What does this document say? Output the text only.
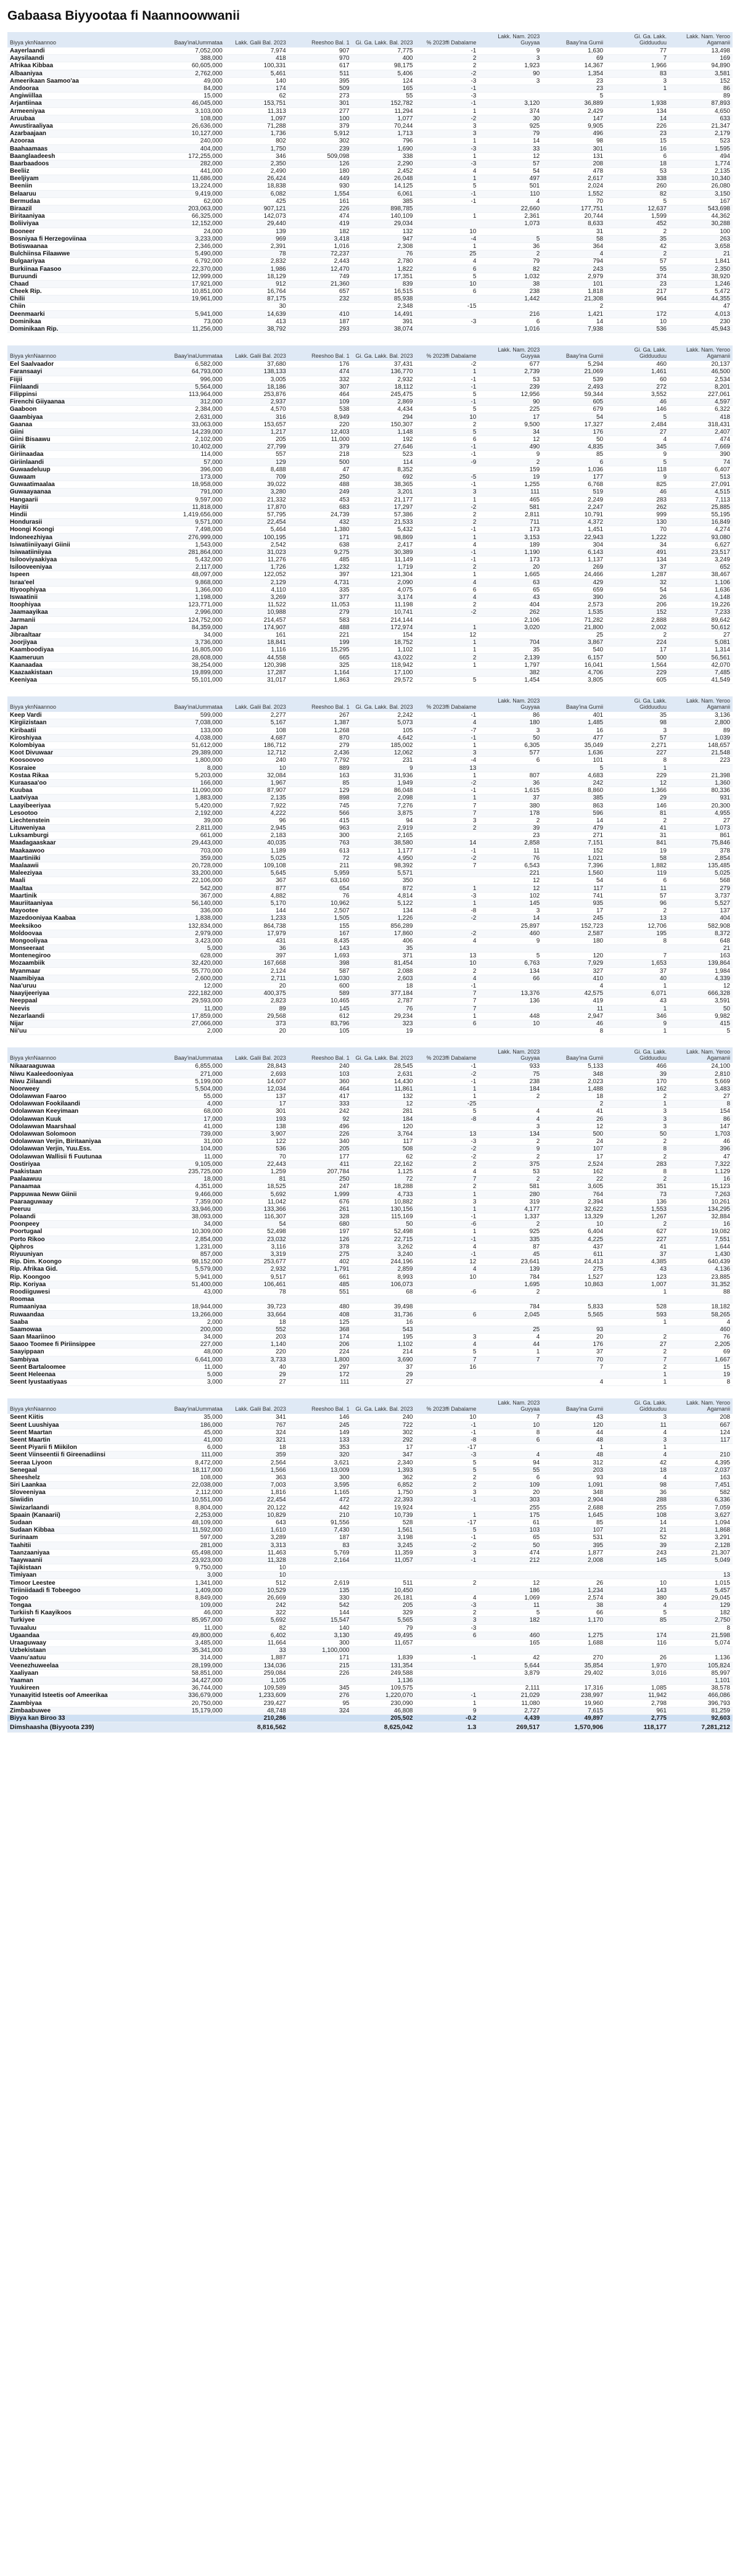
Gabaasa Biyyootaa fi Naannoowwanii
Biyya yknNaannoo	Baay'inaUummataa	Lakk. Galii Bal. 2023	Reeshoo Bal. 1	Gi. Ga. Lakk. Bal. 2023	% 2023ffi Dabalame	Lakk. Nam. 2023 Guyyaa	Baay'ina Gumii	Gi. Ga. Lakk. Gidduuduu	Lakk. Nam. Yeroo Agamanii
Aayerlaandi	7,052,000	7,974	907	7,775	-1	9	1,630	77	13,498
Aaysilaandi	388,000	418	970	400	2	3	69	7	169
Afrikaa Kibbaa	60,605,000	100,331	617	98,175	2	1,923	14,367	1,966	94,890
Albaaniyaa	2,762,000	5,461	511	5,406	-2	90	1,354	83	3,581
Ameerikaan Saamoo'aa	49,000	140	395	124	-3	3	23	3	152
Andooraa	84,000	174	509	165	-1		23	1	86
Angiwiillaa	15,000	62	273	55	-3		5		89
Arjantiinaa	46,045,000	153,751	301	152,782	-1	3,120	36,889	1,938	87,893
Armeeniyaa	3,103,000	11,313	277	11,294	1	374	2,429	134	4,650
Aruubaa	108,000	1,097	100	1,077	-2	30	147	14	633
Awustiraaliyaa	26,636,000	71,288	379	70,244	3	925	9,905	226	21,347
Azarbaajaan	10,127,000	1,736	5,912	1,713	3	79	496	23	2,179
Azooraa	240,000	802	302	796	1	14	98	15	523
Baahaamaas	404,000	1,750	239	1,690	-3	33	301	16	1,595
Baanglaadeesh	172,255,000	346	509,098	338	1	12	131	6	494
Baarbaadoos	282,000	2,350	126	2,290	-3	57	208	18	1,774
Beeliiz	441,000	2,490	180	2,452	4	54	478	53	2,135
Beeljiyam	11,686,000	26,424	449	26,048	1	497	2,617	338	10,340
Beeniin	13,224,000	18,838	930	14,125	5	501	2,024	260	26,080
Belaaruu	9,419,000	6,082	1,554	6,061	-1	110	1,552	82	3,150
Bermudaa	62,000	425	161	385	-1	4	70	5	167
Biraazil	203,063,000	907,121	226	898,785		22,660	177,751	12,637	543,698
Biritaaniyaa	66,325,000	142,073	474	140,109	1	2,361	20,744	1,599	44,362
Boliiviyaa	12,152,000	29,440	419	29,034		1,073	8,633	452	30,288
Booneer	24,000	139	182	132	10		31	2	100
Bosniyaa fi Herzegoviinaa	3,233,000	969	3,418	947	-4	5	58	35	263
Botiswaanaa	2,346,000	2,391	1,016	2,308	1	36	364	42	3,658
Bulchiinsa Filaawwe	5,490,000	78	72,237	76	25	2	4	2	21
Bulgaariyaa	6,792,000	2,832	2,443	2,780	4	79	794	57	1,841
Burkiinaa Faasoo	22,370,000	1,986	12,470	1,822	6	82	243	55	2,350
Buruundi	12,999,000	18,129	749	17,351	5	1,032	2,979	374	38,920
Chaad	17,921,000	912	21,360	839	10	38	101	23	1,246
Cheek Rip.	10,851,000	16,764	657	16,515	6	238	1,818	217	5,472
Chilii	19,961,000	87,175	232	85,938		1,442	21,308	964	44,355
Chiin		30		2,348	-15		2		47
Deenmaarki	5,941,000	14,639	410	14,491		216	1,421	172	4,013
Dominikaa	73,000	413	187	391	-3	6	14	10	230
Dominikaan Rip.	11,256,000	38,792	293	38,074		1,016	7,938	536	45,943
Biyya yknNaannoo	Baay'inaUummataa	Lakk. Galii Bal. 2023	Reeshoo Bal. 1	Gi. Ga. Lakk. Bal. 2023	% 2023ffi Dabalame	Lakk. Nam. 2023 Guyyaa	Baay'ina Gumii	Gi. Ga. Lakk. Gidduuduu	Lakk. Nam. Yeroo Agamanii
Eel Saalvaador	6,582,000	37,680	176	37,431	-2	677	5,294	460	20,137
Faransaayi	64,793,000	138,133	474	136,770	1	2,739	21,069	1,461	46,500
Fiijii	996,000	3,005	332	2,932	-1	53	539	60	2,534
Fiinlaandi	5,564,000	18,186	307	18,112	-1	239	2,493	272	8,201
Filippinsi	113,964,000	253,876	464	245,475	5	12,956	59,344	3,552	227,061
Firenchi Giiyaanaa	312,000	2,937	109	2,869	-1	90	605	46	4,597
Gaaboon	2,384,000	4,570	538	4,434	5	225	679	146	6,322
Gaambiyaa	2,631,000	316	8,949	294	10	17	54	5	418
Gaanaa	33,063,000	153,657	220	150,307	2	9,500	17,327	2,484	318,431
Giini	14,239,000	1,217	12,403	1,148	5	34	176	27	2,407
Giini Bisaawu	2,102,000	205	11,000	192	6	12	50	4	474
Giriik	10,402,000	27,799	379	27,646	-1	490	4,835	345	7,669
Giriinaadaa	114,000	557	218	523	-1	9	85	9	390
Giriinlaandi	57,000	129	500	114	-9	2	6	5	74
Guwaadeluup	396,000	8,488	47	8,352		159	1,036	118	6,407
Guwaam	173,000	709	250	692	-5	19	177	9	513
Guwaatimaalaa	18,958,000	39,022	488	38,365	-1	1,255	6,768	825	27,091
Guwaayaanaa	791,000	3,280	249	3,201	3	111	519	46	4,515
Hangaarii	9,597,000	21,332	453	21,177	1	465	2,249	283	7,113
Hayitii	11,818,000	17,870	683	17,297	-2	581	2,247	262	25,885
Hindii	1,419,656,000	57,795	24,739	57,386	2	2,811	10,791	999	55,195
Hondurasii	9,571,000	22,454	432	21,533	2	711	4,372	130	16,849
Hoongi Koongi	7,498,000	5,464	1,380	5,432	-1	173	1,451	70	4,274
Indoneezhiyaa	276,999,000	100,195	171	98,869	1	3,153	22,943	1,222	93,080
Isiwatiiniiyaayi Giinii	1,543,000	2,542	638	2,417	4	189	304	34	6,627
Isiwaatiiniiyaa	281,864,000	31,023	9,275	30,389	-1	1,190	6,143	491	23,517
Isilooviyaakiyaa	5,432,000	11,276	485	11,149	-1	173	1,137	134	3,249
Isilooveeniyaa	2,117,000	1,726	1,232	1,719	2	20	269	37	652
Ispeen	48,097,000	122,052	397	121,304	1	1,665	24,466	1,287	38,467
Israa'eel	9,868,000	2,129	4,731	2,090	4	63	429	32	1,106
Itiyoophiyaa	1,366,000	4,110	335	4,075	6	65	659	54	1,636
Iswaatinii	1,198,000	3,269	377	3,174	4	43	390	26	4,148
Itoophiyaa	123,771,000	11,522	11,053	11,198	2	404	2,573	206	19,226
Jaamaayikaa	2,996,000	10,988	279	10,741	-2	262	1,535	152	7,233
Jarmanii	124,752,000	214,457	583	214,144		2,106	71,282	2,888	89,642
Japan	84,359,000	174,907	488	172,974	1	3,020	21,800	2,002	50,612
Jibraaltaar	34,000	161	221	154	12		25	2	27
Joorjiyaa	3,736,000	18,841	199	18,752	1	704	3,867	224	5,081
Kaamboodiyaa	16,805,000	1,116	15,295	1,102	1	35	540	17	1,314
Kaameruun	28,608,000	44,558	665	43,022	2	2,139	6,157	500	56,561
Kaanaadaa	38,254,000	120,398	325	118,942	1	1,797	16,041	1,564	42,070
Kaazaakistaan	19,899,000	17,287	1,164	17,100		382	4,706	229	7,485
Keeniyaa	55,101,000	31,017	1,863	29,572	5	1,454	3,805	605	41,549
Biyya yknNaannoo	Baay'inaUummataa	Lakk. Galii Bal. 2023	Reeshoo Bal. 1	Gi. Ga. Lakk. Bal. 2023	% 2023ffi Dabalame	Lakk. Nam. 2023 Guyyaa	Baay'ina Gumii	Gi. Ga. Lakk. Gidduuduu	Lakk. Nam. Yeroo Agamanii
Keep Vardi	599,000	2,277	267	2,242	-1	86	401	35	3,136
Kirgiizistaan	7,038,000	5,167	1,387	5,073	4	180	1,485	98	2,800
Kiribaatii	133,000	108	1,268	105	-7	3	16	3	89
Kiroshiyaa	4,038,000	4,687	870	4,642	-1	50	477	57	1,039
Kolombiyaa	51,612,000	186,712	279	185,002	1	6,305	35,049	2,271	148,657
Koot Divuwaar	29,389,000	12,712	2,436	12,062	3	577	1,636	227	21,548
Koosoovoo	1,800,000	240	7,792	231	-4	6	101	8	223
Kosraiee	8,000	10	889	9	13		5	1	
Kostaa Rikaa	5,203,000	32,084	163	31,936	1	807	4,683	229	21,398
Kuraasaa'oo	166,000	1,967	85	1,949	-2	36	242	12	1,360
Kuubaa	11,090,000	87,907	129	86,048	-1	1,615	8,860	1,366	80,336
Laatviyaa	1,883,000	2,135	898	2,098	1	37	385	29	931
Laayibeeriyaa	5,420,000	7,922	745	7,276	7	380	863	146	20,300
Lesootoo	2,192,000	4,222	566	3,875	7	178	596	81	4,955
Liechtenstein	39,000	96	415	94	3	2	14	2	27
Lituweniyaa	2,811,000	2,945	963	2,919	2	39	479	41	1,073
Luksamburgi	661,000	2,183	300	2,165		23	271	31	861
Maadagaaskaar	29,443,000	40,035	763	38,580	14	2,858	7,151	841	75,846
Maakaawoo	703,000	1,189	613	1,177	-1	11	152	19	378
Maartiniiki	359,000	5,025	72	4,950	-2	76	1,021	58	2,854
Maalaawii	20,728,000	109,108	211	98,392	7	6,543	7,396	1,882	135,485
Maleeziyaa	33,200,000	5,645	5,959	5,571		221	1,560	119	5,025
Maali	22,106,000	367	63,160	350		12	54	6	568
Maaltaa	542,000	877	654	872	1	12	117	11	279
Maartinik	367,000	4,882	76	4,814	-3	102	741	57	3,737
Mauriitaaniyaa	56,140,000	5,170	10,962	5,122	1	145	935	96	5,527
Mayootee	336,000	144	2,507	134	-8	3	17	2	137
Mazedooniyaa Kaabaa	1,838,000	1,233	1,505	1,226	-2	14	245	13	404
Meeksikoo	132,834,000	864,738	155	856,289		25,897	152,723	12,706	582,908
Moldoovaa	2,979,000	17,979	167	17,860	-2	460	2,587	195	8,372
Mongooliyaa	3,423,000	431	8,435	406	4	9	180	8	648
Monseeraat	5,000	36	143	35					21
Montenegiroo	628,000	397	1,693	371	13	5	120	7	163
Mozaambiik	32,420,000	167,668	398	81,454	10	6,763	7,929	1,653	139,864
Myanmaar	55,770,000	2,124	587	2,088	2	134	327	37	1,984
Naamibiyaa	2,600,000	2,711	1,030	2,603	4	66	410	40	4,339
Naa'uruu	12,000	20	600	18	-1		4	1	12
Naayijeeriyaa	222,182,000	400,375	589	377,184	7	13,376	42,575	6,071	666,328
Neeppaal	29,593,000	2,823	10,465	2,787	7	136	419	43	3,591
Neevis	11,000	89	145	76	7		11	1	50
Nezarlaandi	17,859,000	29,568	612	29,234	1	448	2,947	346	9,982
Nijar	27,066,000	373	83,796	323	6	10	46	9	415
Nii'uu	2,000	20	105	19			8	1	5
Biyya yknNaannoo	Baay'inaUummataa	Lakk. Galii Bal. 2023	Reeshoo Bal. 1	Gi. Ga. Lakk. Bal. 2023	% 2023ffi Dabalame	Lakk. Nam. 2023 Guyyaa	Baay'ina Gumii	Gi. Ga. Lakk. Gidduuduu	Lakk. Nam. Yeroo Agamanii
Nikaaraaguwaa	6,855,000	28,843	240	28,545	-1	933	5,133	466	24,100
Niwu Kaaleedooniyaa	271,000	2,693	103	2,631	-2	75	348	39	2,810
Niwu Ziilaandi	5,199,000	14,607	360	14,430	-1	238	2,023	170	5,669
Noorweey	5,504,000	12,034	464	11,861	1	184	1,488	162	3,483
Odolawwan Faaroo	55,000	137	417	132	1	2	18	2	27
Odolawwan Fookilaandi	4,000	17	333	12	-25		2	1	8
Odolawwan Keeyimaan	68,000	301	242	281	5	4	41	3	154
Odolawwan Kuuk	17,000	193	92	184	-8	4	26	3	86
Odolawwan Maarshaal	41,000	138	496	120		3	12	3	147
Odolawwan Solomoon	739,000	3,907	226	3,764	13	134	500	50	1,703
Odolawwan Verjin, Biritaaniyaa	31,000	122	340	117	-3	2	24	2	46
Odolawwan Verjin, Yuu.Ess.	104,000	536	205	508	-2	9	107	8	396
Odolawwan Wallisii fi Fuutunaa	11,000	70	177	62	-2	2	17	2	47
Oostiriyaa	9,105,000	22,443	411	22,162	2	375	2,524	283	7,322
Paakistaan	235,725,000	1,259	207,784	1,125	4	53	162	8	1,129
Paalaawuu	18,000	81	250	72	7	2	22	2	16
Panaamaa	4,351,000	18,525	247	18,288	2	581	3,605	351	15,123
Pappuwaa Neww Giinii	9,466,000	5,692	1,999	4,733	1	280	764	73	7,263
Paaraaguwaay	7,359,000	11,042	676	10,882	3	319	2,394	136	10,261
Peeruu	33,946,000	133,366	261	130,156	1	4,177	32,622	1,553	134,295
Polaandi	38,093,000	116,307	328	115,169	-1	1,337	13,329	1,267	32,884
Poonpeey	34,000	54	680	50	-6	2	10	2	16
Poortugaal	10,309,000	52,498	197	52,498	1	925	6,404	627	19,082
Porto Rikoo	2,854,000	23,032	126	22,715	-1	335	4,225	227	7,551
Qiphros	1,231,000	3,116	378	3,262	4	87	437	41	1,644
Riyuuniyan	857,000	3,319	275	3,240	-1	45	611	37	1,430
Rip. Dim. Koongo	98,152,000	253,677	402	244,196	12	23,641	24,413	4,385	640,439
Rip. Afrikaa Gid.	5,579,000	2,932	1,791	2,859	4	139	275	43	4,136
Rip. Koongoo	5,941,000	9,517	661	8,993	10	784	1,527	123	23,885
Rip. Koriyaa	51,400,000	106,461	485	106,073		1,695	10,863	1,007	31,352
Roodiiguwesi	43,000	78	551	68	-6	2		1	88
Roomaa									
Rumaaniyaa	18,944,000	39,723	480	39,498		784	5,833	528	18,182
Ruwaandaa	13,266,000	33,664	408	31,736	6	2,045	5,565	593	58,265
Saaba	2,000	18	125	16				1	4
Saamowaa	200,000	552	368	543		25	93		460
Saan Maariinoo	34,000	203	174	195	3	4	20	2	76
Saaoo Toomee fi Piriinsippee	227,000	1,140	206	1,102	4	44	176	27	2,205
Saayippaan	48,000	220	224	214	5	1	37	2	69
Sambiyaa	6,641,000	3,733	1,800	3,690	7	7	70	7	1,667
Seent Bartaloomee	11,000	40	297	37	16		7	2	15
Seent Heleenaa	5,000	29	172	29				1	19
Seent Iyustaatiyaas	3,000	27	111	27			4	1	8
Biyya yknNaannoo	Baay'inaUummataa	Lakk. Galii Bal. 2023	Reeshoo Bal. 1	Gi. Ga. Lakk. Bal. 2023	% 2023ffi Dabalame	Lakk. Nam. 2023 Guyyaa	Baay'ina Gumii	Gi. Ga. Lakk. Gidduuduu	Lakk. Nam. Yeroo Agamanii
Seent Kiitis	35,000	341	146	240	10	7	43	3	208
Seent Luushiyaa	186,000	767	245	722	-1	10	120	11	667
Seent Maartan	45,000	324	149	302	-1	8	44	4	124
Seent Maartin	41,000	321	133	292	-8	6	48	3	117
Seent Piyarii fi Miikilon	6,000	18	353	17	-17		1	1	
Seent Viinseentii fi Gireenadiinsi	111,000	359	320	347	-3	4	48	4	210
Seeraa Liyoon	8,472,000	2,564	3,621	2,340	5	94	312	42	4,395
Senegaal	18,117,000	1,566	13,009	1,393	5	55	203	18	2,037
Sheeshelz	108,000	363	300	362	2	6	93	4	163
Siri Laankaa	22,038,000	7,003	3,595	6,852	2	109	1,091	98	7,451
Sloveeniyaa	2,112,000	1,816	1,165	1,750	3	20	348	36	582
Siwiidin	10,551,000	22,454	472	22,393	-1	303	2,904	288	6,336
Siwizarlaandi	8,804,000	20,122	442	19,924		255	2,688	255	7,059
Spaain (Kanaarii)	2,253,000	10,829	210	10,739	1	175	1,645	108	3,627
Sudaan	48,109,000	643	91,556	528	-17	61	85	14	1,094
Sudaan Kibbaa	11,592,000	1,610	7,430	1,561	5	103	107	21	1,868
Surinaam	597,000	3,289	187	3,198	-1	65	531	52	3,291
Taahitii	281,000	3,313	83	3,245	-2	50	395	39	2,128
Taanzaaniyaa	65,498,000	11,463	5,769	11,359	3	474	1,877	243	21,307
Taaywaanii	23,923,000	11,328	2,164	11,057	-1	212	2,008	145	5,049
Tajikistaan	9,750,000	10							
Timiyaan	3,000	10							13
Timoor Leestee	1,341,000	512	2,619	511	2	12	26	10	1,015
Tiriiniidaadi fi Tobeegoo	1,409,000	10,529	135	10,450		186	1,234	143	5,457
Togoo	8,849,000	26,669	330	26,181	4	1,069	2,574	380	29,045
Tongaa	109,000	242	542	205	-3	11	38	4	129
Turkiish fi Kaayikoos	46,000	322	144	329	2	5	66	5	182
Turkiyee	85,957,000	5,692	15,547	5,565	3	182	1,170	85	2,750
Tuvaaluu	11,000	82	140	79	-3				8
Ugaandaa	49,800,000	6,402	3,130	49,495	6	460	1,275	174	21,598
Uraaguwaay	3,485,000	11,664	300	11,657		165	1,688	116	5,074
Uzbekistaan	35,341,000	33	1,100,000						
Vaanu'aatuu	314,000	1,887	171	1,839	-1	42	270	26	1,136
Veenezhuweelaa	28,199,000	134,036	215	131,354		5,644	35,854	1,970	105,824
Xaaliyaan	58,851,000	259,084	226	249,588		3,879	29,402	3,016	85,997
Yaaman	34,427,000	1,105		1,136					1,101
Yuukireen	36,744,000	109,589	345	109,575		2,111	17,316	1,085	38,578
Yunaayitid Isteetis oof Ameerikaa	336,679,000	1,233,609	276	1,220,070	-1	21,029	238,997	11,942	466,086
Zaambiyaa	20,750,000	239,427	95	230,090	1	11,080	19,960	2,798	396,793
Zimbaabuwee	15,179,000	48,748	324	46,808	9	2,727	7,615	961	81,259
Biyya kan Biroo 33		210,286		205,502	-0.2	4,439	49,897	2,775	92,603
Dimshaasha (Biyyoota 239)		8,816,562		8,625,042	1.3	269,517	1,570,906	118,177	7,281,212
